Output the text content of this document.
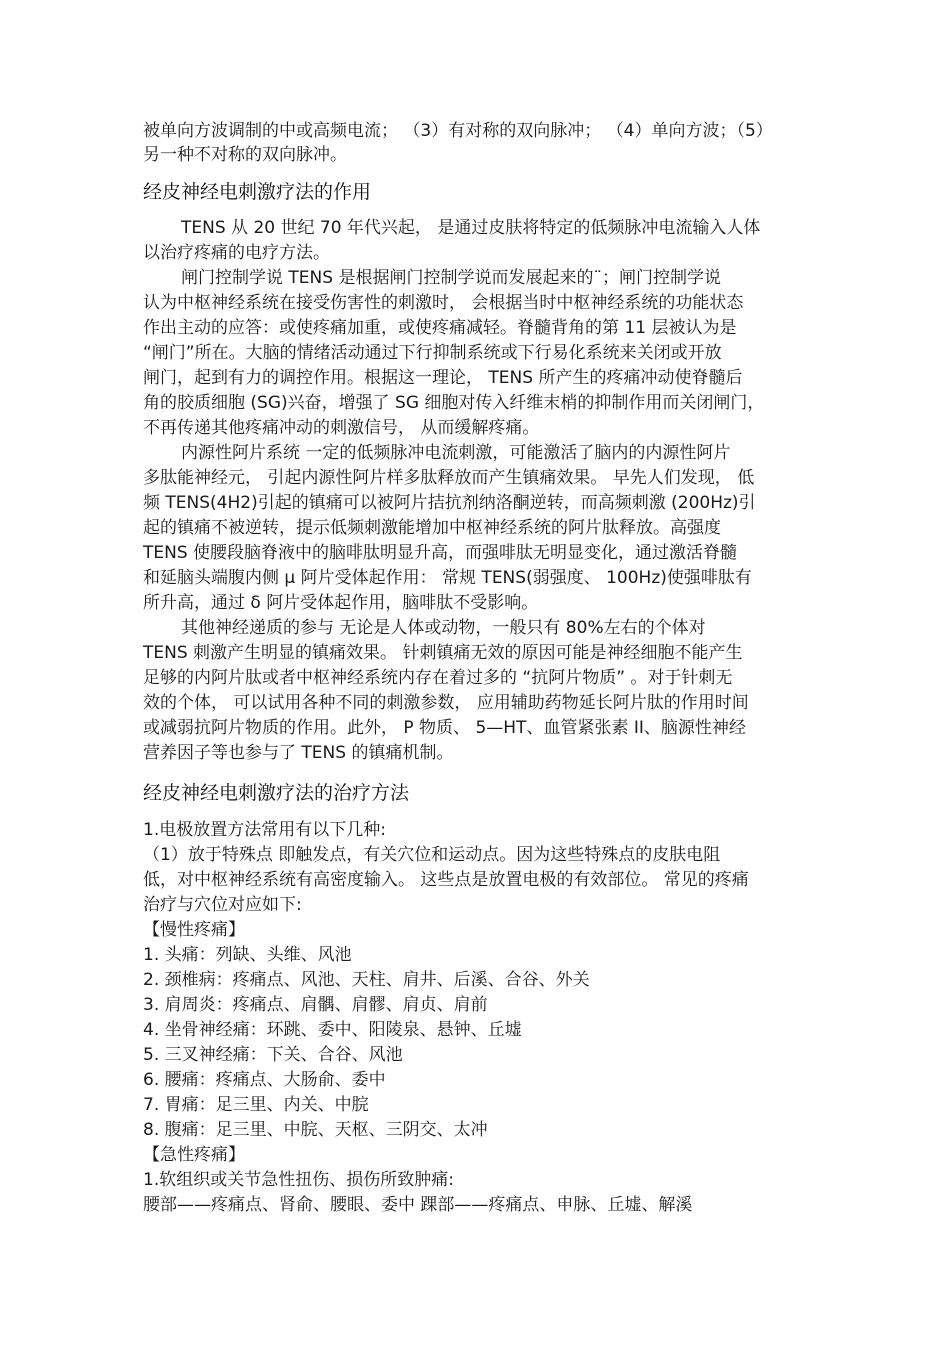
被单向方波调制的中或高频电流； （3）有对称的双向脉冲； （4）单向方波；（5）
另一种不对称的双向脉冲。
经皮神经电刺激疗法的作用
TENS 从 20 世纪 70 年代兴起， 是通过皮肤将特定的低频脉冲电流输入人体
以治疗疼痛的电疗方法。
闸门控制学说 TENS 是根据闸门控制学说而发展起来的¨；闸门控制学说
认为中枢神经系统在接受伤害性的刺激时， 会根据当时中枢神经系统的功能状态
作出主动的应答：或使疼痛加重，或使疼痛减轻。脊髓背角的第 11 层被认为是
“闸门”所在。大脑的情绪活动通过下行抑制系统或下行易化系统来关闭或开放
闸门，起到有力的调控作用。根据这一理论， TENS 所产生的疼痛冲动使脊髓后
角的胶质细胞 (SG)兴奋，增强了 SG 细胞对传入纤维末梢的抑制作用而关闭闸门，
不再传递其他疼痛冲动的刺激信号， 从而缓解疼痛。
内源性阿片系统 一定的低频脉冲电流刺激，可能激活了脑内的内源性阿片
多肽能神经元， 引起内源性阿片样多肽释放而产生镇痛效果。 早先人们发现， 低
频 TENS(4H2)引起的镇痛可以被阿片拮抗剂纳洛酮逆转，而高频刺激 (200Hz)引
起的镇痛不被逆转，提示低频刺激能增加中枢神经系统的阿片肽释放。高强度
TENS 使腰段脑脊液中的脑啡肽明显升高，而强啡肽无明显变化，通过激活脊髓
和延脑头端腹内侧 μ 阿片受体起作用： 常规 TENS(弱强度、 100Hz)使强啡肽有
所升高，通过 δ 阿片受体起作用，脑啡肽不受影响。
其他神经递质的参与 无论是人体或动物，一般只有 80%左右的个体对
TENS 刺激产生明显的镇痛效果。 针刺镇痛无效的原因可能是神经细胞不能产生
足够的内阿片肽或者中枢神经系统内存在着过多的 “抗阿片物质” 。对于针刺无
效的个体， 可以试用各种不同的刺激参数， 应用辅助药物延长阿片肽的作用时间
或减弱抗阿片物质的作用。此外， P 物质、 5—HT、血管紧张素 II、脑源性神经
营养因子等也参与了 TENS 的镇痛机制。
经皮神经电刺激疗法的治疗方法
1.电极放置方法常用有以下几种:
（1）放于特殊点 即触发点，有关穴位和运动点。因为这些特殊点的皮肤电阻
低，对中枢神经系统有高密度输入。 这些点是放置电极的有效部位。 常见的疼痛
治疗与穴位对应如下:
【慢性疼痛】
1. 头痛：列缺、头维、风池
2. 颈椎病：疼痛点、风池、天柱、肩井、后溪、合谷、外关
3. 肩周炎：疼痛点、肩髃、肩髎、肩贞、肩前
4. 坐骨神经痛：环跳、委中、阳陵泉、悬钟、丘墟
5. 三叉神经痛：下关、合谷、风池
6. 腰痛：疼痛点、大肠俞、委中
7. 胃痛：足三里、内关、中脘
8. 腹痛：足三里、中脘、天枢、三阴交、太冲
【急性疼痛】
1.软组织或关节急性扭伤、损伤所致肿痛:
腰部——疼痛点、肾俞、腰眼、委中 踝部——疼痛点、申脉、丘墟、解溪
